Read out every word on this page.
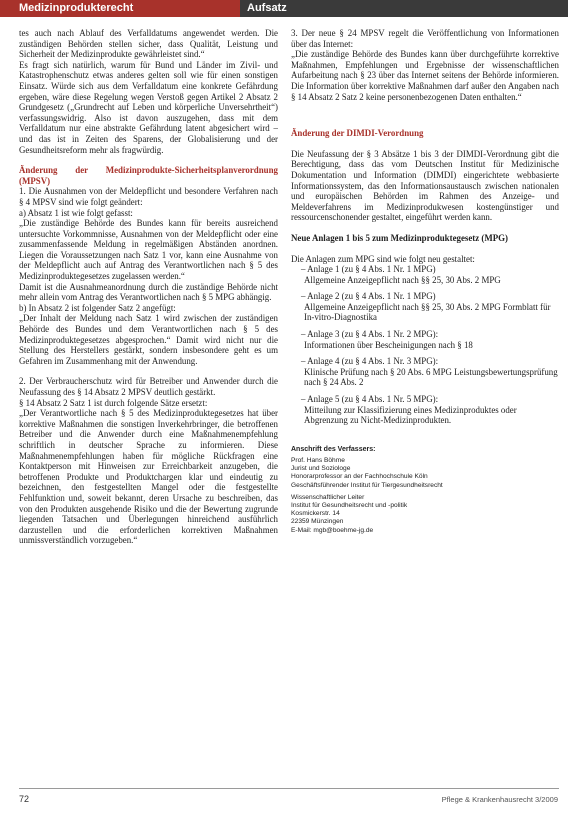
Medizinprodukterecht	Aufsatz

tes auch nach Ablauf des Verfalldatums angewendet werden. Die zuständigen Behörden stellen sicher, dass Qualität, Leistung und Sicherheit der Medizinprodukte gewährleistet sind.“

Es fragt sich natürlich, warum für Bund und Länder im Zivil- und Katastrophenschutz etwas anderes gelten soll wie für einen sonstigen Einsatz. Würde sich aus dem Verfalldatum eine konkrete Gefährdung ergeben, wäre diese Regelung wegen Verstoß gegen Artikel 2 Absatz 2 Grundgesetz („Grundrecht auf Leben und körperliche Unversehrtheit“) verfassungswidrig. Also ist davon auszugehen, dass mit dem Verfalldatum nur eine abstrakte Gefährdung latent abgesichert wird – und das ist in Zeiten des Sparens, der Globalisierung und der Gesundheitsreform mehr als fragwürdig.

Änderung der Medizinprodukte-Sicherheitsplanverordnung (MPSV)

1. Die Ausnahmen von der Meldepflicht und besondere Verfahren nach § 4 MPSV sind wie folgt geändert:

a) Absatz 1 ist wie folgt gefasst:

„Die zuständige Behörde des Bundes kann für bereits ausreichend untersuchte Vorkommnisse, Ausnahmen von der Meldepflicht oder eine zusammenfassende Meldung in regelmäßigen Abständen anordnen. Liegen die Voraussetzungen nach Satz 1 vor, kann eine Ausnahme von der Meldepflicht auch auf Antrag des Verantwortlichen nach § 5 des Medizinproduktegesetzes zugelassen werden.“

Damit ist die Ausnahmeanordnung durch die zuständige Behörde nicht mehr allein vom Antrag des Verantwortlichen nach § 5 MPG abhängig.

b) In Absatz 2 ist folgender Satz 2 angefügt:

„Der Inhalt der Meldung nach Satz 1 wird zwischen der zuständigen Behörde des Bundes und dem Verantwortlichen nach § 5 des Medizinproduktegesetzes abgesprochen.“ Damit wird nicht nur die Stellung des Herstellers gestärkt, sondern insbesondere geht es um Gefahren im Zusammenhang mit der Anwendung.

2. Der Verbraucherschutz wird für Betreiber und Anwender durch die Neufassung des § 14 Absatz 2 MPSV deutlich gestärkt.

§ 14 Absatz 2 Satz 1 ist durch folgende Sätze ersetzt:

„Der Verantwortliche nach § 5 des Medizinproduktegesetzes hat über korrektive Maßnahmen die sonstigen Inverkehrbringer, die betroffenen Betreiber und die Anwender durch eine Maßnahmenempfehlung schriftlich in deutscher Sprache zu informieren. Diese Maßnahmenempfehlungen haben für mögliche Rückfragen eine Kontaktperson mit Hinweisen zur Erreichbarkeit anzugeben, die betroffenen Produkte und Produktchargen klar und eindeutig zu bezeichnen, den festgestellten Mangel oder die festgestellte Fehlfunktion und, soweit bekannt, deren Ursache zu beschreiben, das von den Produkten ausgehende Risiko und die der Bewertung zugrunde liegenden Tatsachen und Überlegungen hinreichend ausführlich darzustellen und die erforderlichen korrektiven Maßnahmen unmissverständlich vorzugeben.“

3. Der neue § 24 MPSV regelt die Veröffentlichung von Informationen über das Internet:

„Die zuständige Behörde des Bundes kann über durchgeführte korrektive Maßnahmen, Empfehlungen und Ergebnisse der wissenschaftlichen Aufarbeitung nach § 23 über das Internet seitens der Behörde informieren. Die Information über korrektive Maßnahmen darf außer den Angaben nach § 14 Absatz 2 Satz 2 keine personenbezogenen Daten enthalten.“

Änderung der DIMDI-Verordnung

Die Neufassung der § 3 Absätze 1 bis 3 der DIMDI-Verordnung gibt die Berechtigung, dass das vom Deutschen Institut für Medizinische Dokumentation und Information (DIMDI) eingerichtete webbasierte Informationssystem, das den Informationsaustausch zwischen nationalen und europäischen Behörden im Rahmen des Anzeige- und Meldeverfahrens im Medizinprodukwesen kostengünstiger und ressourcenschonender gestaltet, eingeführt werden kann.

Neue Anlagen 1 bis 5 zum Medizinproduktegesetz (MPG)

Die Anlagen zum MPG sind wie folgt neu gestaltet:

– Anlage 1 (zu § 4 Abs. 1 Nr. 1 MPG)

Allgemeine Anzeigepflicht nach §§ 25, 30 Abs. 2 MPG

– Anlage 2 (zu § 4 Abs. 1 Nr. 1 MPG)

Allgemeine Anzeigepflicht nach §§ 25, 30 Abs. 2 MPG Formblatt für In-vitro-Diagnostika

– Anlage 3 (zu § 4 Abs. 1 Nr. 2 MPG):

Informationen über Bescheinigungen nach § 18

– Anlage 4 (zu § 4 Abs. 1 Nr. 3 MPG):

Klinische Prüfung nach § 20 Abs. 6 MPG Leistungsbewertungsprüfung nach § 24 Abs. 2

– Anlage 5 (zu § 4 Abs. 1 Nr. 5 MPG):

Mitteilung zur Klassifizierung eines Medizinproduktes oder Abgrenzung zu Nicht-Medizinprodukten.

Anschrift des Verfassers:
Prof. Hans Böhme
Jurist und Soziologe
Honorarprofessor an der Fachhochschule Köln
Geschäftsführender Institut für Tiergesundheitsrecht
Wissenschaftlicher Leiter
Institut für Gesundheitsrecht und -politik
Kosmickerstr. 14
22359 Münzingen
E-Mail: mgb@boehme-jg.de
72	Pflege & Krankenhausrecht 3/2009
